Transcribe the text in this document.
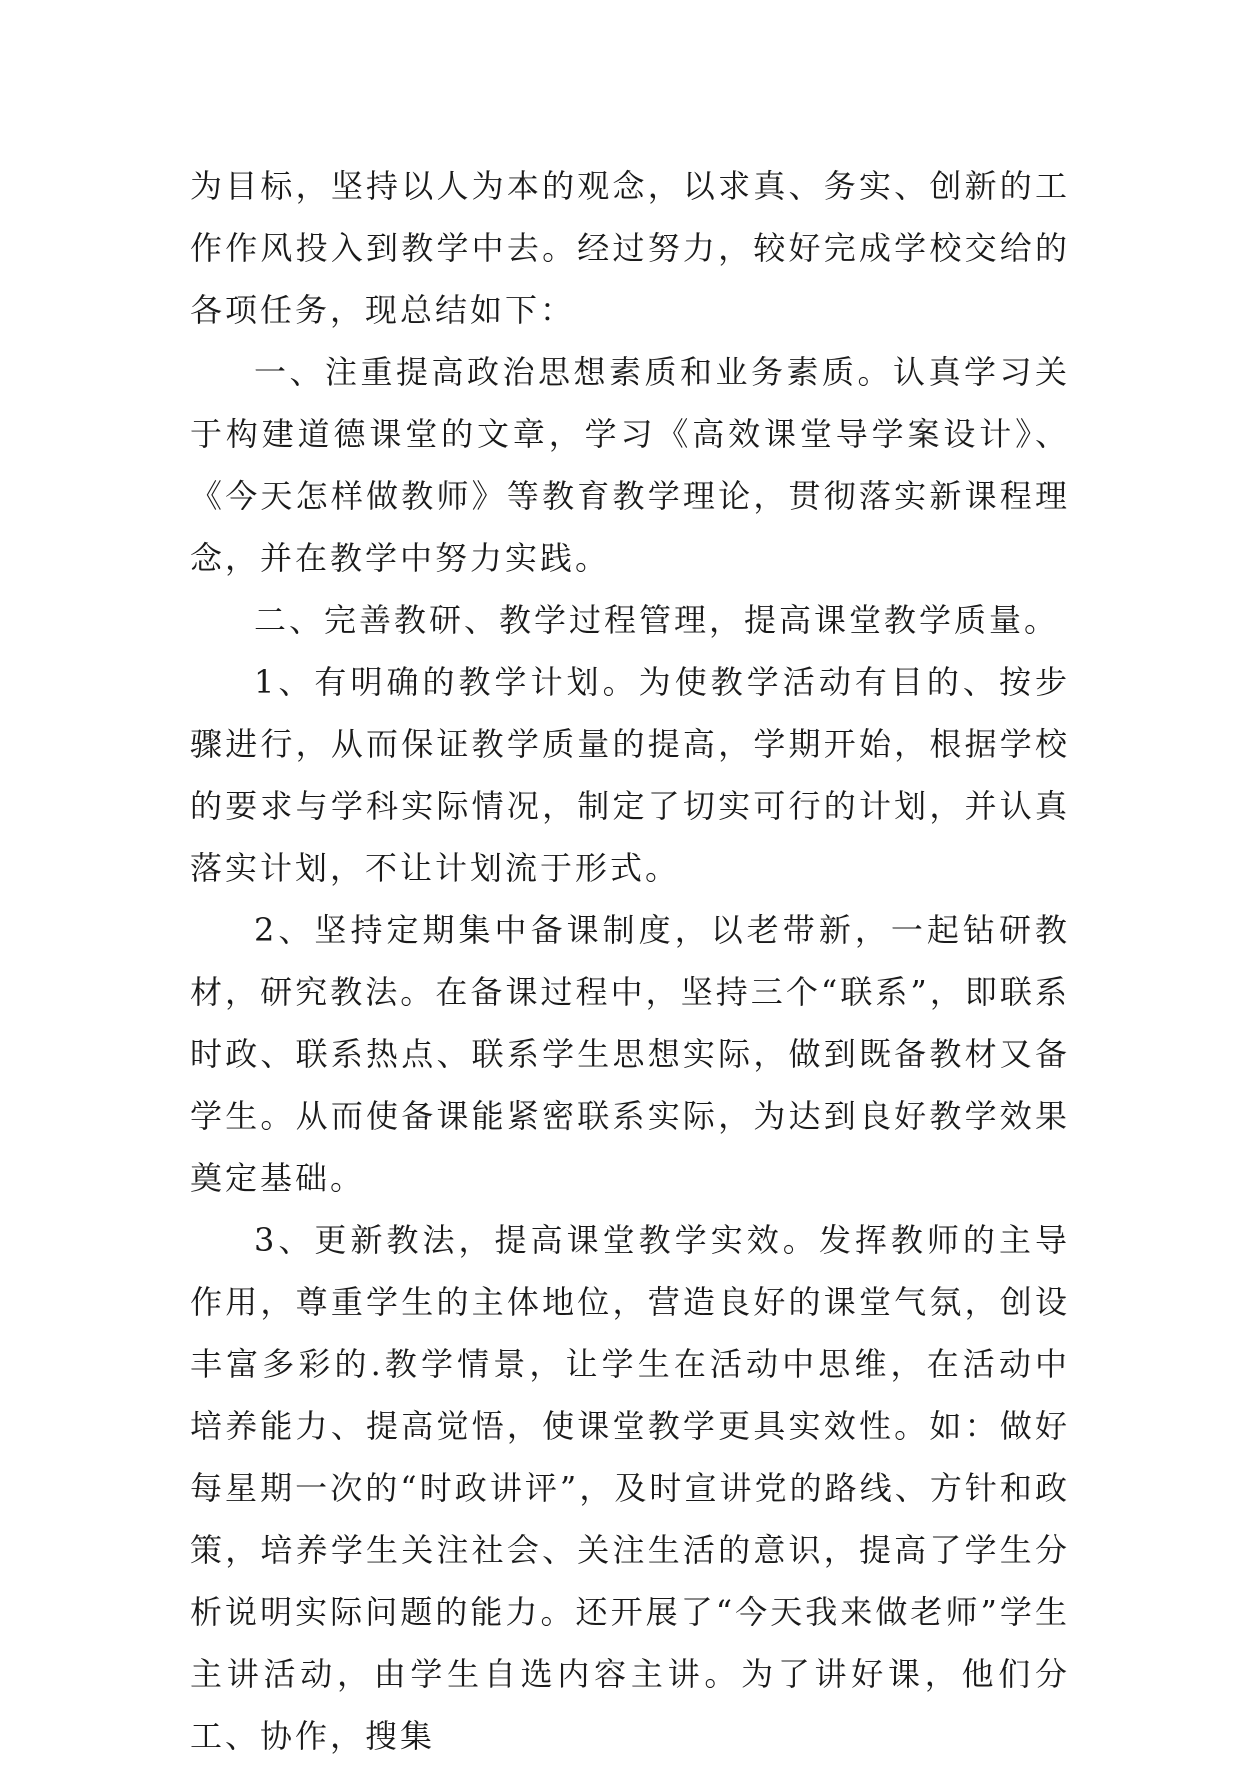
为目标，坚持以人为本的观念，以求真、务实、创新的工作作风投入到教学中去。经过努力，较好完成学校交给的各项任务，现总结如下：

一、注重提高政治思想素质和业务素质。认真学习关于构建道德课堂的文章，学习《高效课堂导学案设计》、《今天怎样做教师》等教育教学理论，贯彻落实新课程理念，并在教学中努力实践。

二、完善教研、教学过程管理，提高课堂教学质量。

1、有明确的教学计划。为使教学活动有目的、按步骤进行，从而保证教学质量的提高，学期开始，根据学校的要求与学科实际情况，制定了切实可行的计划，并认真落实计划，不让计划流于形式。

2、坚持定期集中备课制度，以老带新，一起钻研教材，研究教法。在备课过程中，坚持三个“联系”，即联系时政、联系热点、联系学生思想实际，做到既备教材又备学生。从而使备课能紧密联系实际，为达到良好教学效果奠定基础。

3、更新教法，提高课堂教学实效。发挥教师的主导作用，尊重学生的主体地位，营造良好的课堂气氛，创设丰富多彩的.教学情景，让学生在活动中思维，在活动中培养能力、提高觉悟，使课堂教学更具实效性。如：做好每星期一次的“时政讲评”，及时宣讲党的路线、方针和政策，培养学生关注社会、关注生活的意识，提高了学生分析说明实际问题的能力。还开展了“今天我来做老师”学生主讲活动，由学生自选内容主讲。为了讲好课，他们分工、协作，搜集
